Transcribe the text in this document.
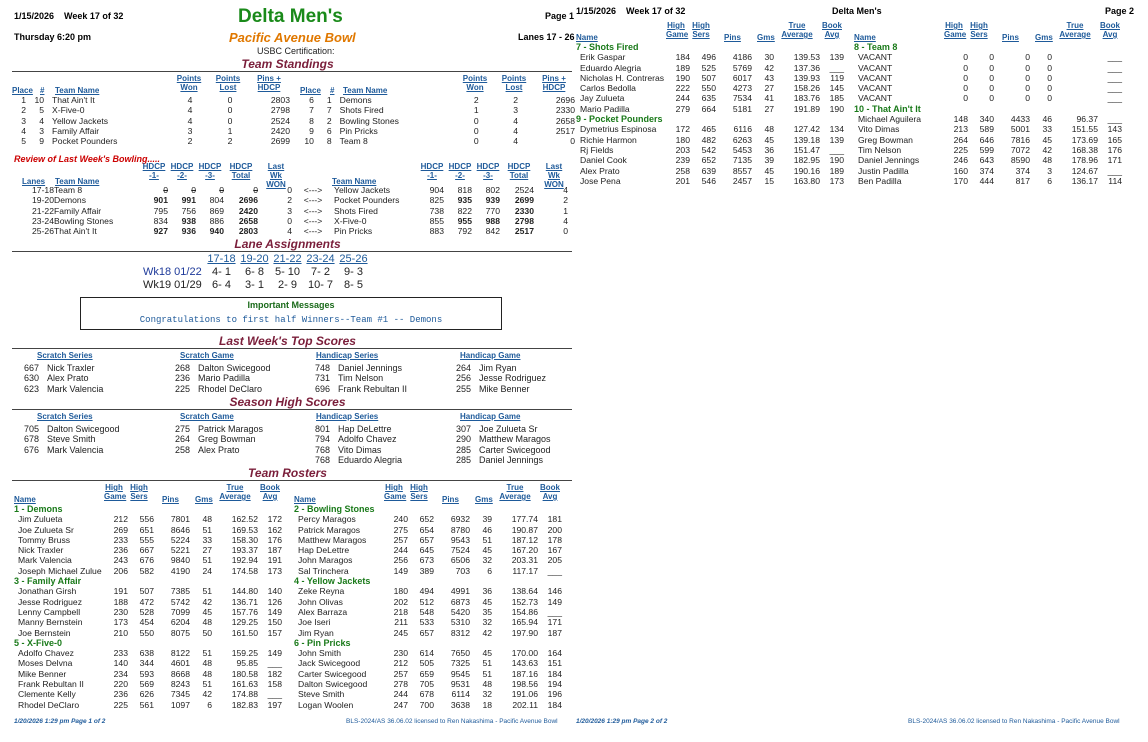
1/15/2026 Week 17 of 32	Delta Men's	Page 1
Thursday 6:20 pm	Pacific Avenue Bowl	Lanes 17 - 26
USBC Certification:
Team Standings
Place # Team Name
Points Won
Points Lost
Pins + HDCP	Place # Team Name
Points Won
Points Lost
Pins + HDCP
1	10	That Ain't It	4	0	2803
2	5	X-Five-0	4	0	2798
3	4	Yellow Jackets	4	0	2524
4	3	Family Affair	3	1	2420
5	9	Pocket Pounders	2	2	2699
6	1	Demons	2	2	2696
7	7	Shots Fired	1	3	2330
8	2	Bowling Stones	0	4	2658
9	6	Pin Pricks	0	4	2517
10	8	Team 8	0	4	0
Review of Last Week's Bowling.....
Lanes Team Name
HDCP -1-
HDCP -2-
HDCP -3-
HDCP Total
Last Wk WON	Team Name
HDCP -1-
HDCP -2-
HDCP -3-
HDCP Total
Last Wk WON
17-18	Team 8	0	0	0	0	0	<--->	Yellow Jackets	904	818	802	2524	4
19-20	Demons	901	991	804	2696	2	<--->	Pocket Pounders	825	935	939	2699	2
21-22	Family Affair	795	756	869	2420	3	<--->	Shots Fired	738	822	770	2330	1
23-24	Bowling Stones	834	938	886	2658	0	<--->	X-Five-0	855	955	988	2798	4
25-26	That Ain't It	927	936	940	2803	4	<--->	Pin Pricks	883	792	842	2517	0
Lane Assignments
	17-18	19-20	21-22	23-24	25-26
Wk18 01/22	4- 1	6- 8	5- 10	7- 2	9- 3
Wk19 01/29	6- 4	3- 1	2- 9	10- 7	8- 5
Important Messages
Congratulations to first half Winners--Team #1 -- Demons
Last Week's Top Scores
Scratch Series	Scratch Game	Handicap Series	Handicap Game
667 Nick Traxler
630 Alex Prato
623 Mark Valencia
268 Dalton Swicegood
236 Mario Padilla
225 Rhodel DeClaro
748 Daniel Jennings
731 Tim Nelson
696 Frank Rebultan II
264 Jim Ryan
256 Jesse Rodriguez
255 Mike Benner
Season High Scores
Scratch Series	Scratch Game	Handicap Series	Handicap Game
705 Dalton Swicegood
678 Steve Smith
676 Mark Valencia
275 Patrick Maragos
264 Greg Bowman
258 Alex Prato
801 Hap DeLettre
794 Adolfo Chavez
768 Vito Dimas
768 Eduardo Alegria
307 Joe Zulueta Sr
290 Matthew Maragos
285 Carter Swicegood
285 Daniel Jennings
Team Rosters
Name
High Game
High Sers Pins Gms
True Average
Book Avg	Name
High Game
High Sers Pins Gms
True Average
Book Avg
1 - Demons						
Jim Zulueta	212	556	7801	48	162.52	172
Joe Zulueta Sr	269	651	8646	51	169.53	162
Tommy Bruss	233	555	5224	33	158.30	176
Nick Traxler	236	667	5221	27	193.37	187
Mark Valencia	243	676	9840	51	192.94	191
Joseph Michael Zulue	206	582	4190	24	174.58	173
3 - Family Affair						
Jonathan Girsh	191	507	7385	51	144.80	140
Jesse Rodriguez	188	472	5742	42	136.71	126
Lenny Campbell	230	528	7099	45	157.76	149
Manny Bernstein	173	454	6204	48	129.25	150
Joe Bernstein	210	550	8075	50	161.50	157
5 - X-Five-0						
Adolfo Chavez	233	638	8122	51	159.25	149
Moses Delvna	140	344	4601	48	95.85	___
Mike Benner	234	593	8668	48	180.58	182
Frank Rebultan II	220	569	8243	51	161.63	158
Clemente Kelly	236	626	7345	42	174.88	___
Rhodel DeClaro	225	561	1097	6	182.83	197
2 - Bowling Stones						
Percy Maragos	240	652	6932	39	177.74	181
Patrick Maragos	275	654	8780	46	190.87	200
Matthew Maragos	257	657	9543	51	187.12	178
Hap DeLettre	244	645	7524	45	167.20	167
John Maragos	256	673	6506	32	203.31	205
Sal Trinchera	149	389	703	6	117.17	___
4 - Yellow Jackets						
Zeke Reyna	180	494	4991	36	138.64	146
John Olivas	202	512	6873	45	152.73	149
Alex Barraza	218	548	5420	35	154.86	___
Joe Iseri	211	533	5310	32	165.94	171
Jim Ryan	245	657	8312	42	197.90	187
6 - Pin Pricks						
John Smith	230	614	7650	45	170.00	164
Jack Swicegood	212	505	7325	51	143.63	151
Carter Swicegood	257	659	9545	51	187.16	184
Dalton Swicegood	278	705	9531	48	198.56	194
Steve Smith	244	678	6114	32	191.06	196
Logan Woolen	247	700	3638	18	202.11	184
1/20/2026 1:29 pm Page 1 of 2	BLS-2024/AS 36.06.02 licensed to Ren Nakashima - Pacific Avenue Bowl
1/15/2026 Week 17 of 32	Delta Men's	Page 2
Name
High Game
High Sers Pins Gms
True Average
Book Avg	Name
High Game
High Sers Pins Gms
True Average
Book Avg
7 - Shots Fired						
Erik Gaspar	184	496	4186	30	139.53	139
Eduardo Alegria	189	525	5769	42	137.36	___
Nicholas H. Contreras	190	507	6017	43	139.93	119
Carlos Bedolla	222	550	4273	27	158.26	145
Jay Zulueta	244	635	7534	41	183.76	185
Mario Padilla	279	664	5181	27	191.89	190
9 - Pocket Pounders						
Dymetrius Espinosa	172	465	6116	48	127.42	134
Richie Harmon	180	482	6263	45	139.18	139
Rj Fields	203	542	5453	36	151.47	___
Daniel Cook	239	652	7135	39	182.95	190
Alex Prato	258	639	8557	45	190.16	189
Jose Pena	201	546	2457	15	163.80	173
8 - Team 8						
VACANT	0	0	0	0		___
VACANT	0	0	0	0		___
VACANT	0	0	0	0		___
VACANT	0	0	0	0		___
VACANT	0	0	0	0		___
10 - That Ain't It						
Michael Aguilera	148	340	4433	46	96.37	___
Vito Dimas	213	589	5001	33	151.55	143
Greg Bowman	264	646	7816	45	173.69	165
Tim Nelson	225	599	7072	42	168.38	176
Daniel Jennings	246	643	8590	48	178.96	171
Justin Padilla	160	374	374	3	124.67	___
Ben Padilla	170	444	817	6	136.17	114
1/20/2026 1:29 pm Page 2 of 2	BLS-2024/AS 36.06.02 licensed to Ren Nakashima - Pacific Avenue Bowl
